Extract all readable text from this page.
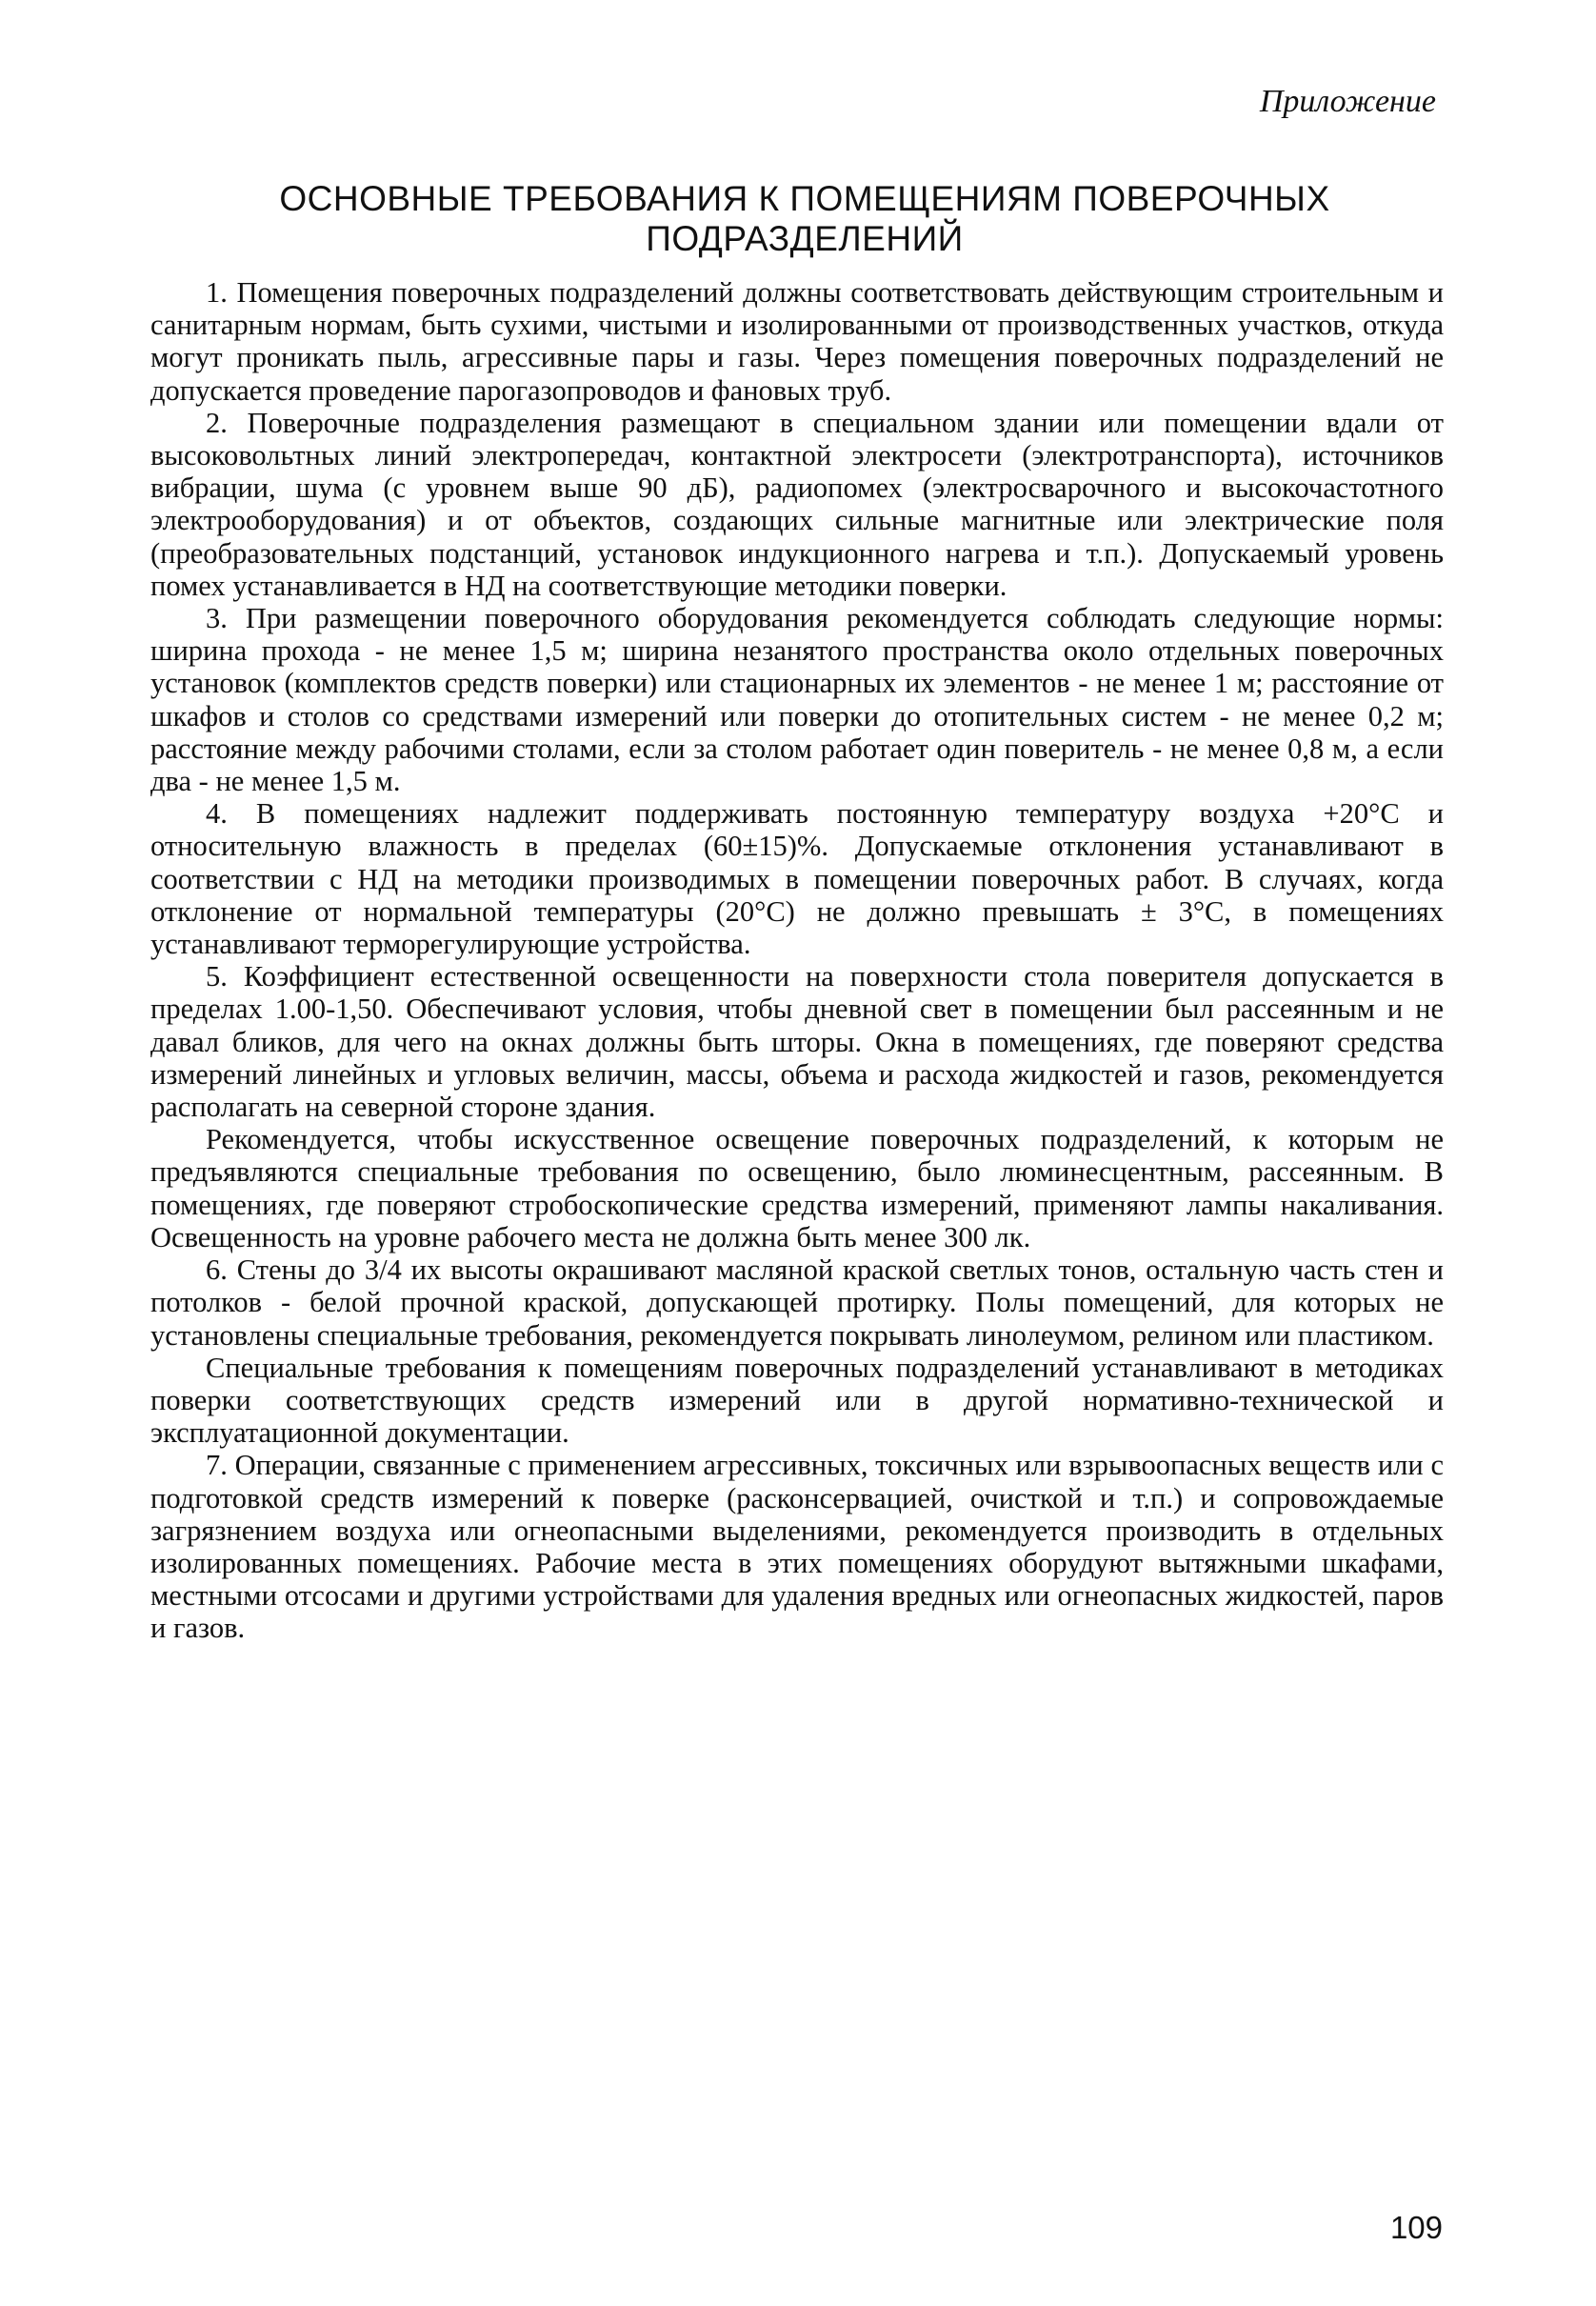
Приложение
ОСНОВНЫЕ ТРЕБОВАНИЯ К ПОМЕЩЕНИЯМ ПОВЕРОЧНЫХ ПОДРАЗДЕЛЕНИЙ

1. Помещения поверочных подразделений должны соответствовать действующим строительным и санитарным нормам, быть сухими, чистыми и изолированными от производственных участков, откуда могут проникать пыль, агрессивные пары и газы. Через помещения поверочных подразделений не допускается проведение парогазопроводов и фановых труб.

2. Поверочные подразделения размещают в специальном здании или помещении вдали от высоковольтных линий электропередач, контактной электросети (электротранспорта), источников вибрации, шума (с уровнем выше 90 дБ), радиопомех (электросварочного и высокочастотного электрооборудования) и от объектов, создающих сильные магнитные или электрические поля (преобразовательных подстанций, установок индукционного нагрева и т.п.). Допускаемый уровень помех устанавливается в НД на соответствующие методики поверки.

3. При размещении поверочного оборудования рекомендуется соблюдать следующие нормы: ширина прохода - не менее 1,5 м; ширина незанятого пространства около отдельных поверочных установок (комплектов средств поверки) или стационарных их элементов - не менее 1 м; расстояние от шкафов и столов со средствами измерений или поверки до отопительных систем - не менее 0,2 м; расстояние между рабочими столами, если за столом работает один поверитель - не менее 0,8 м, а если два - не менее 1,5 м.

4. В помещениях надлежит поддерживать постоянную температуру воздуха +20°С и относительную влажность в пределах (60±15)%. Допускаемые отклонения устанавливают в соответствии с НД на методики производимых в помещении поверочных работ. В случаях, когда отклонение от нормальной температуры (20°С) не должно превышать ± 3°С, в помещениях устанавливают терморегулирующие устройства.

5. Коэффициент естественной освещенности на поверхности стола поверителя допускается в пределах 1.00-1,50. Обеспечивают условия, чтобы дневной свет в помещении был рассеянным и не давал бликов, для чего на окнах должны быть шторы. Окна в помещениях, где поверяют средства измерений линейных и угловых величин, массы, объема и расхода жидкостей и газов, рекомендуется располагать на северной стороне здания.

Рекомендуется, чтобы искусственное освещение поверочных подразделений, к которым не предъявляются специальные требования по освещению, было люминесцентным, рассеянным. В помещениях, где поверяют стробоскопические средства измерений, применяют лампы накаливания. Освещенность на уровне рабочего места не должна быть менее 300 лк.

6. Стены до 3/4 их высоты окрашивают масляной краской светлых тонов, остальную часть стен и потолков - белой прочной краской, допускающей протирку. Полы помещений, для которых не установлены специальные требования, рекомендуется покрывать линолеумом, релином или пластиком.

Специальные требования к помещениям поверочных подразделений устанавливают в методиках поверки соответствующих средств измерений или в другой нормативно-технической и эксплуатационной документации.

7. Операции, связанные с применением агрессивных, токсичных или взрывоопасных веществ или с подготовкой средств измерений к поверке (расконсервацией, очисткой и т.п.) и сопровождаемые загрязнением воздуха или огнеопасными выделениями, рекомендуется производить в отдельных изолированных помещениях. Рабочие места в этих помещениях оборудуют вытяжными шкафами, местными отсосами и другими устройствами для удаления вредных или огнеопасных жидкостей, паров и газов.

109
